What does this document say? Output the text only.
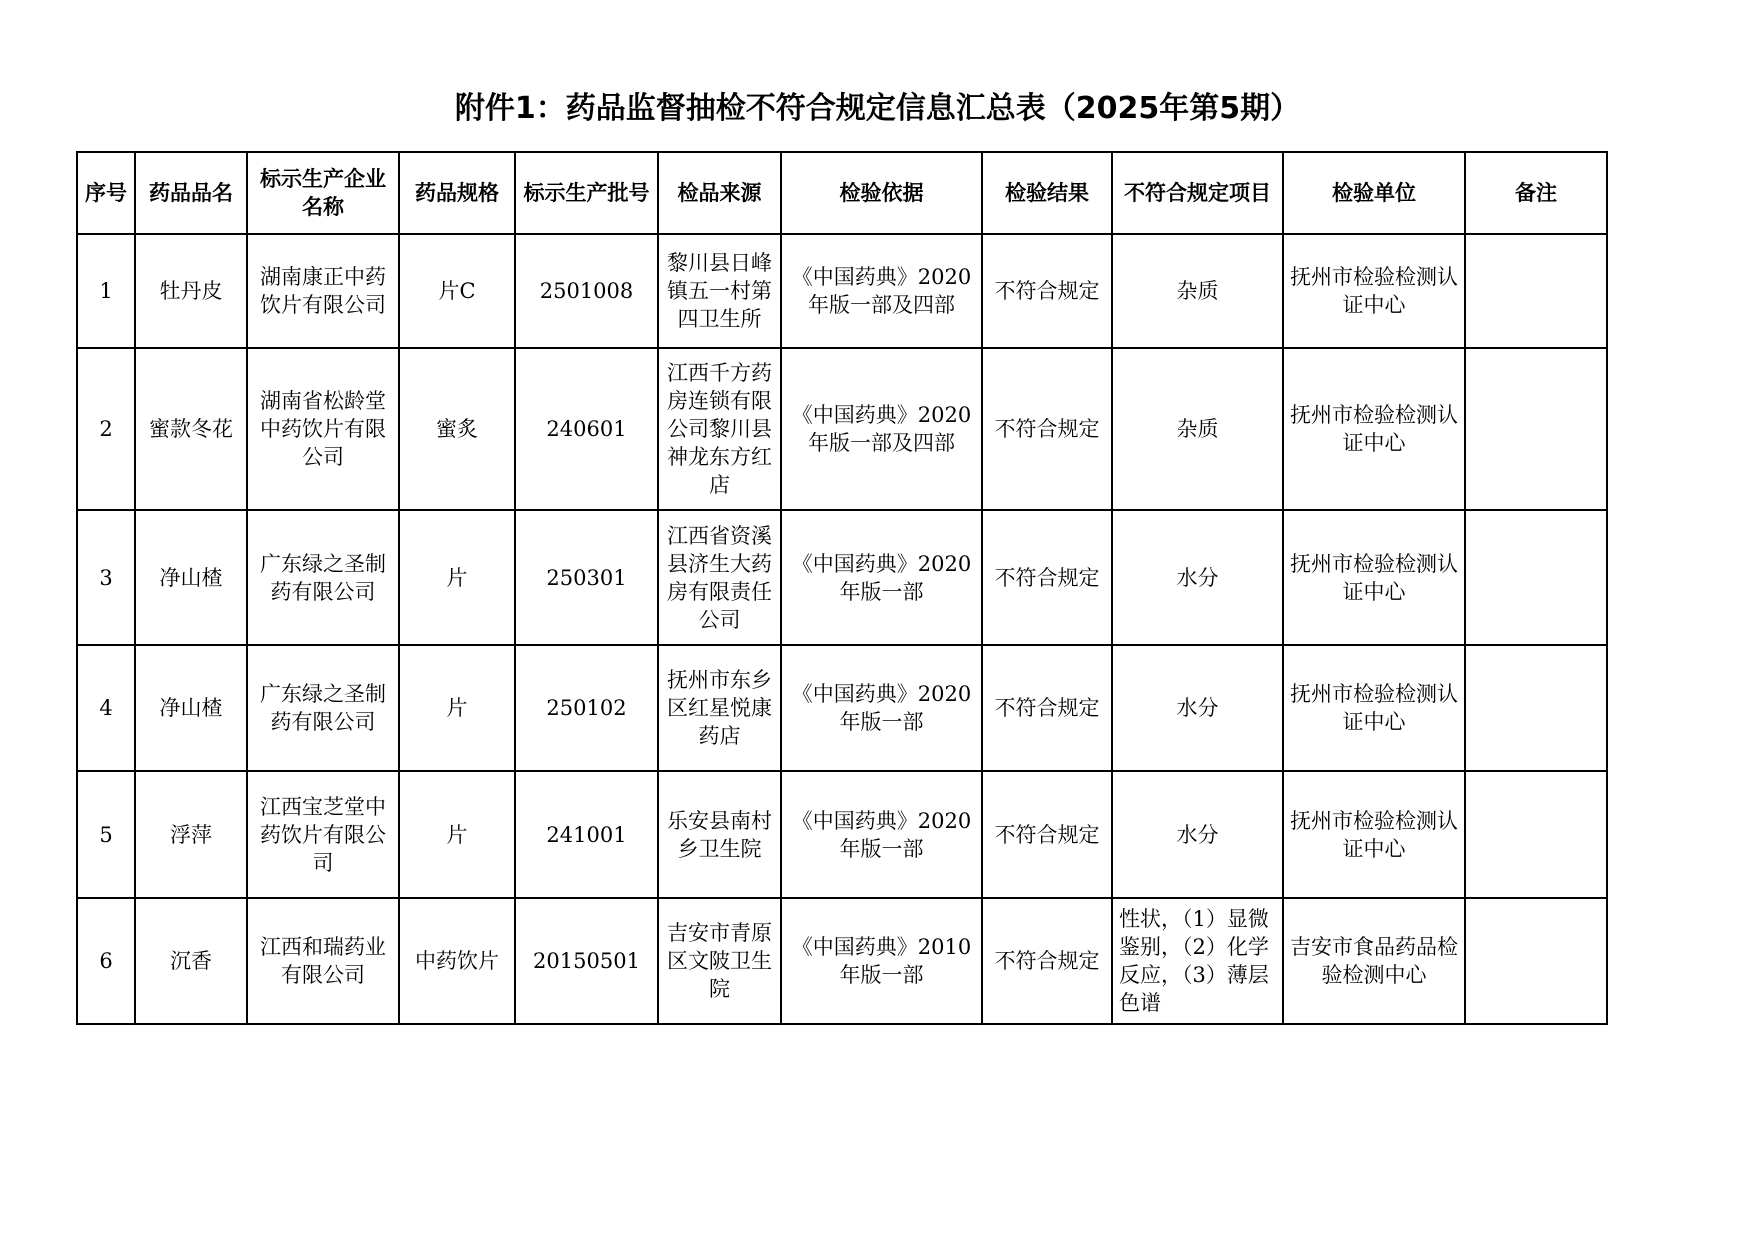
附件1：药品监督抽检不符合规定信息汇总表（2025年第5期）
序号	药品品名	标示生产企业名称	药品规格	标示生产批号	检品来源	检验依据	检验结果	不符合规定项目	检验单位	备注
1	牡丹皮	湖南康正中药饮片有限公司	片C	2501008	黎川县日峰镇五一村第四卫生所	《中国药典》2020年版一部及四部	不符合规定	杂质	抚州市检验检测认证中心	
2	蜜款冬花	湖南省松龄堂中药饮片有限公司	蜜炙	240601	江西千方药房连锁有限公司黎川县神龙东方红店	《中国药典》2020年版一部及四部	不符合规定	杂质	抚州市检验检测认证中心	
3	净山楂	广东绿之圣制药有限公司	片	250301	江西省资溪县济生大药房有限责任公司	《中国药典》2020年版一部	不符合规定	水分	抚州市检验检测认证中心	
4	净山楂	广东绿之圣制药有限公司	片	250102	抚州市东乡区红星悦康药店	《中国药典》2020年版一部	不符合规定	水分	抚州市检验检测认证中心	
5	浮萍	江西宝芝堂中药饮片有限公司	片	241001	乐安县南村乡卫生院	《中国药典》2020年版一部	不符合规定	水分	抚州市检验检测认证中心	
6	沉香	江西和瑞药业有限公司	中药饮片	20150501	吉安市青原区文陂卫生院	《中国药典》2010年版一部	不符合规定	性状，（1）显微鉴别，（2）化学反应，（3）薄层色谱	吉安市食品药品检验检测中心	
